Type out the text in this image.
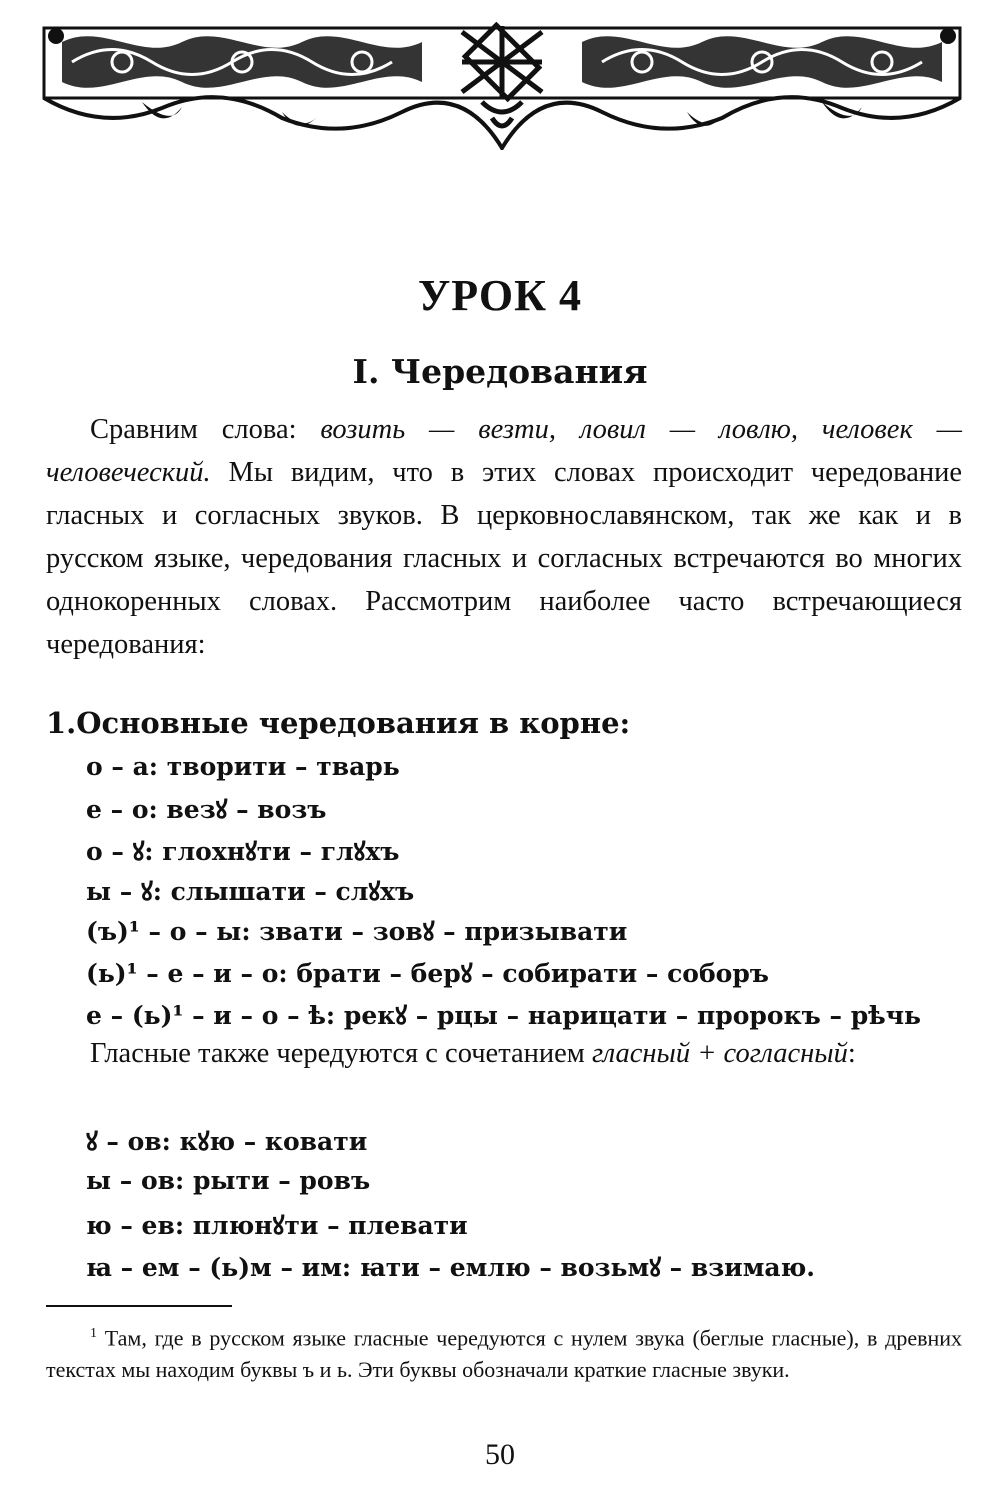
УРОК 4
I. Чередования

Сравним слова: возить — везти, ловил — ловлю, человек — человеческий. Мы видим, что в этих словах происходит чередование гласных и согласных звуков. В церковнославянском, так же как и в русском языке, чередования гласных и согласных встречаются во многих однокоренных словах. Рассмотрим наиболее часто встречающиеся чередования:

1.Основные чередования в корне:
о – а: творити – тварь
е – о: везꙋ – возъ
о – ꙋ: глохнꙋти – глꙋхъ
ы – ꙋ: слышати – слꙋхъ
(ъ)¹ – о – ы: звати – зовꙋ – призывати
(ь)¹ – е – и – о: брати – берꙋ – собирати – соборъ
е – (ь)¹ – и – о – ѣ: рекꙋ – рцы – нарицати – пророкъ – рѣчь

Гласные также чередуются с сочетанием гласный + согласный:

ꙋ – ов: кꙋю – ковати
ы – ов: рыти – ровъ
ю – ев: плюнꙋти – плевати
ꙗ – ем – (ь)м – им: ꙗти – емлю – возьмꙋ – взимаю.

$^1$ Там, где в русском языке гласные чередуются с нулем звука (беглые гласные), в древних текстах мы находим буквы ъ и ь. Эти буквы обозначали краткие гласные звуки.

50
